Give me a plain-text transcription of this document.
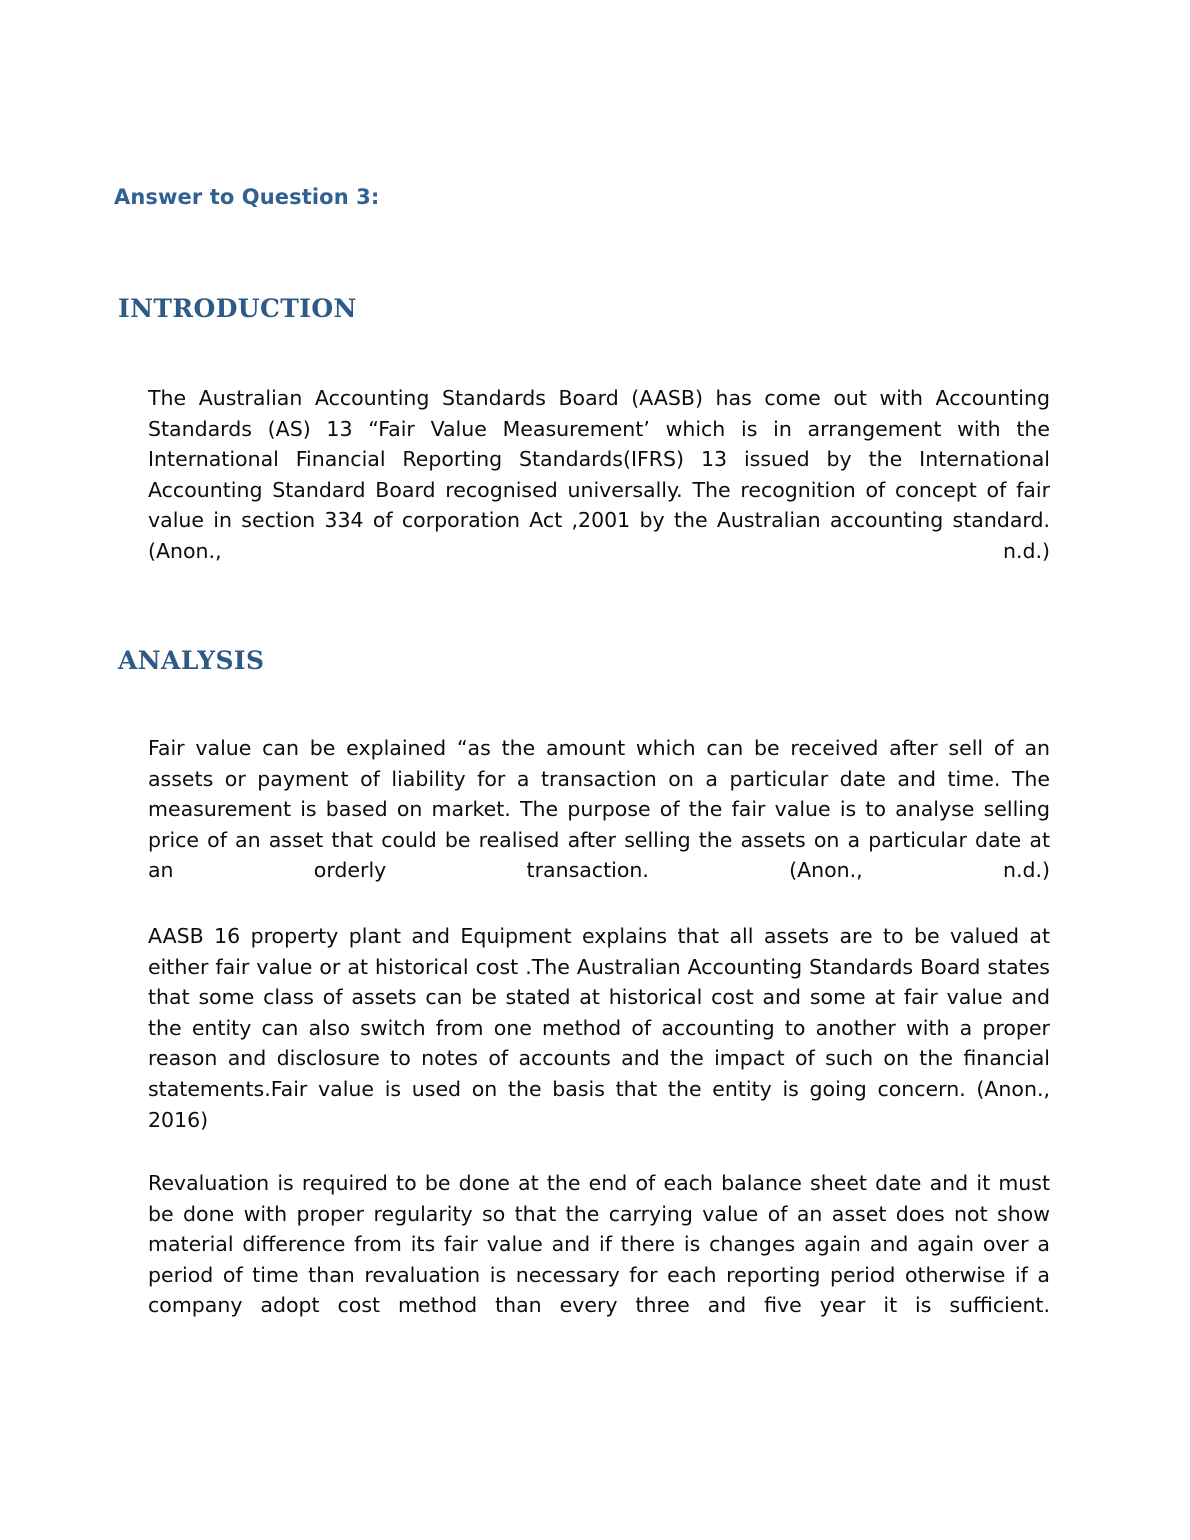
Answer to Question 3:
INTRODUCTION

The Australian Accounting Standards Board (AASB) has come out with Accounting Standards (AS) 13 “Fair Value Measurement’ which is in arrangement with the International Financial Reporting Standards(IFRS) 13 issued by the International Accounting Standard Board recognised universally. The recognition of concept of fair value in section 334 of corporation Act ,2001 by the Australian accounting standard. (Anon., n.d.)

ANALYSIS

Fair value can be explained “as the amount which can be received after sell of an assets or payment of liability for a transaction on a particular date and time. The measurement is based on market. The purpose of the fair value is to analyse selling price of an asset that could be realised after selling the assets on a particular date at an orderly transaction. (Anon., n.d.)

AASB 16 property plant and Equipment explains that all assets are to be valued at either fair value or at historical cost .The Australian Accounting Standards Board states that some class of assets can be stated at historical cost and some at fair value and the entity can also switch from one method of accounting to another with a proper reason and disclosure to notes of accounts and the impact of such on the financial statements.Fair value is used on the basis that the entity is going concern. (Anon., 2016)

Revaluation is required to be done at the end of each balance sheet date and it must be done with proper regularity so that the carrying value of an asset does not show material difference from its fair value and if there is changes again and again over a period of time than revaluation is necessary for each reporting period otherwise if a company adopt cost method than every three and five year it is sufficient.
